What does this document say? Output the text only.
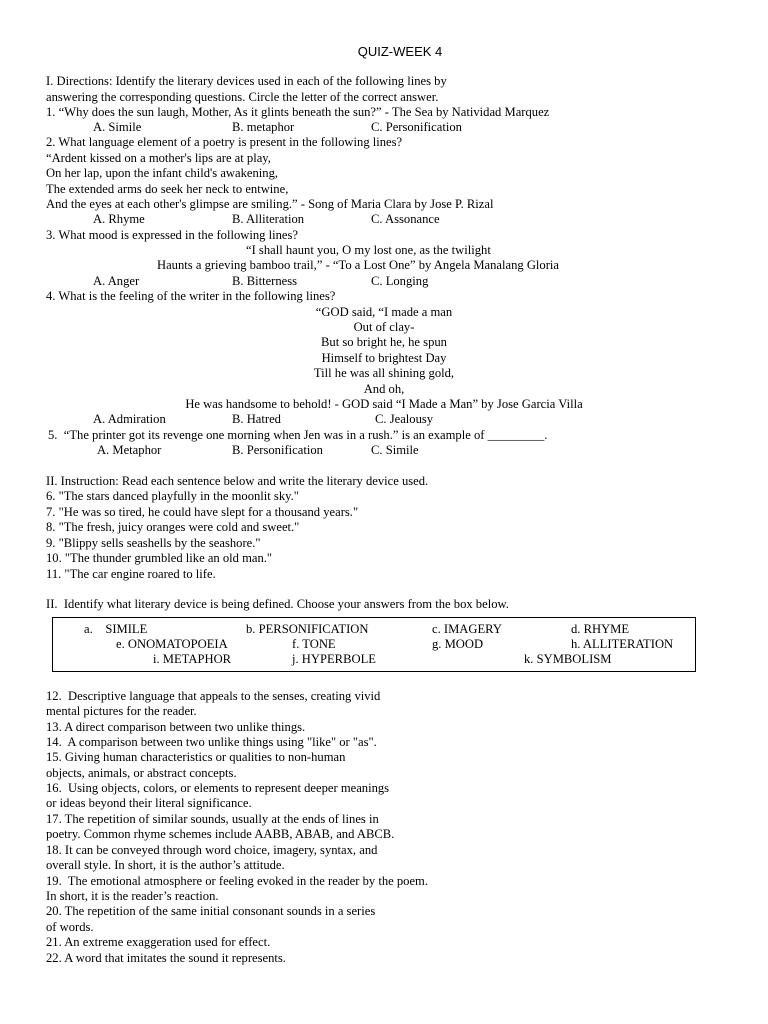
QUIZ-WEEK 4
I. Directions: Identify the literary devices used in each of the following lines by
answering the corresponding questions. Circle the letter of the correct answer.
1. “Why does the sun laugh, Mother, As it glints beneath the sun?” - The Sea by Natividad Marquez
A. Simile	B. metaphor	C. Personification
2. What language element of a poetry is present in the following lines?
“Ardent kissed on a mother's lips are at play,
On her lap, upon the infant child's awakening,
The extended arms do seek her neck to entwine,
And the eyes at each other's glimpse are smiling.” - Song of Maria Clara by Jose P. Rizal
A. Rhyme	B. Alliteration	C. Assonance
3. What mood is expressed in the following lines?
“I shall haunt you, O my lost one, as the twilight
Haunts a grieving bamboo trail,” - “To a Lost One” by Angela Manalang Gloria
A. Anger	B. Bitterness	C. Longing
4. What is the feeling of the writer in the following lines?
“GOD said, “I made a man
Out of clay-
But so bright he, he spun
Himself to brightest Day
Till he was all shining gold,
And oh,
He was handsome to behold! - GOD said “I Made a Man” by Jose Garcia Villa
A. Admiration	B. Hatred	C. Jealousy
5.  “The printer got its revenge one morning when Jen was in a rush.” is an example of _________.
A. Metaphor	B. Personification	C. Simile
II. Instruction: Read each sentence below and write the literary device used.
6. "The stars danced playfully in the moonlit sky."
7. "He was so tired, he could have slept for a thousand years."
8. "The fresh, juicy oranges were cold and sweet."
9. "Blippy sells seashells by the seashore."
10. "The thunder grumbled like an old man."
11. "The car engine roared to life.
II.  Identify what literary device is being defined. Choose your answers from the box below.
a.    SIMILE	b. PERSONIFICATION	c. IMAGERY	d. RHYME
e. ONOMATOPOEIA	f. TONE	g. MOOD	h. ALLITERATION
i. METAPHOR	j. HYPERBOLE	k. SYMBOLISM
12.  Descriptive language that appeals to the senses, creating vivid
mental pictures for the reader.
13. A direct comparison between two unlike things.
14.  A comparison between two unlike things using "like" or "as".
15. Giving human characteristics or qualities to non-human
objects, animals, or abstract concepts.
16.  Using objects, colors, or elements to represent deeper meanings
or ideas beyond their literal significance.
17. The repetition of similar sounds, usually at the ends of lines in
poetry. Common rhyme schemes include AABB, ABAB, and ABCB.
18. It can be conveyed through word choice, imagery, syntax, and
overall style. In short, it is the author’s attitude.
19.  The emotional atmosphere or feeling evoked in the reader by the poem.
In short, it is the reader’s reaction.
20. The repetition of the same initial consonant sounds in a series
of words.
21. An extreme exaggeration used for effect.
22. A word that imitates the sound it represents.
